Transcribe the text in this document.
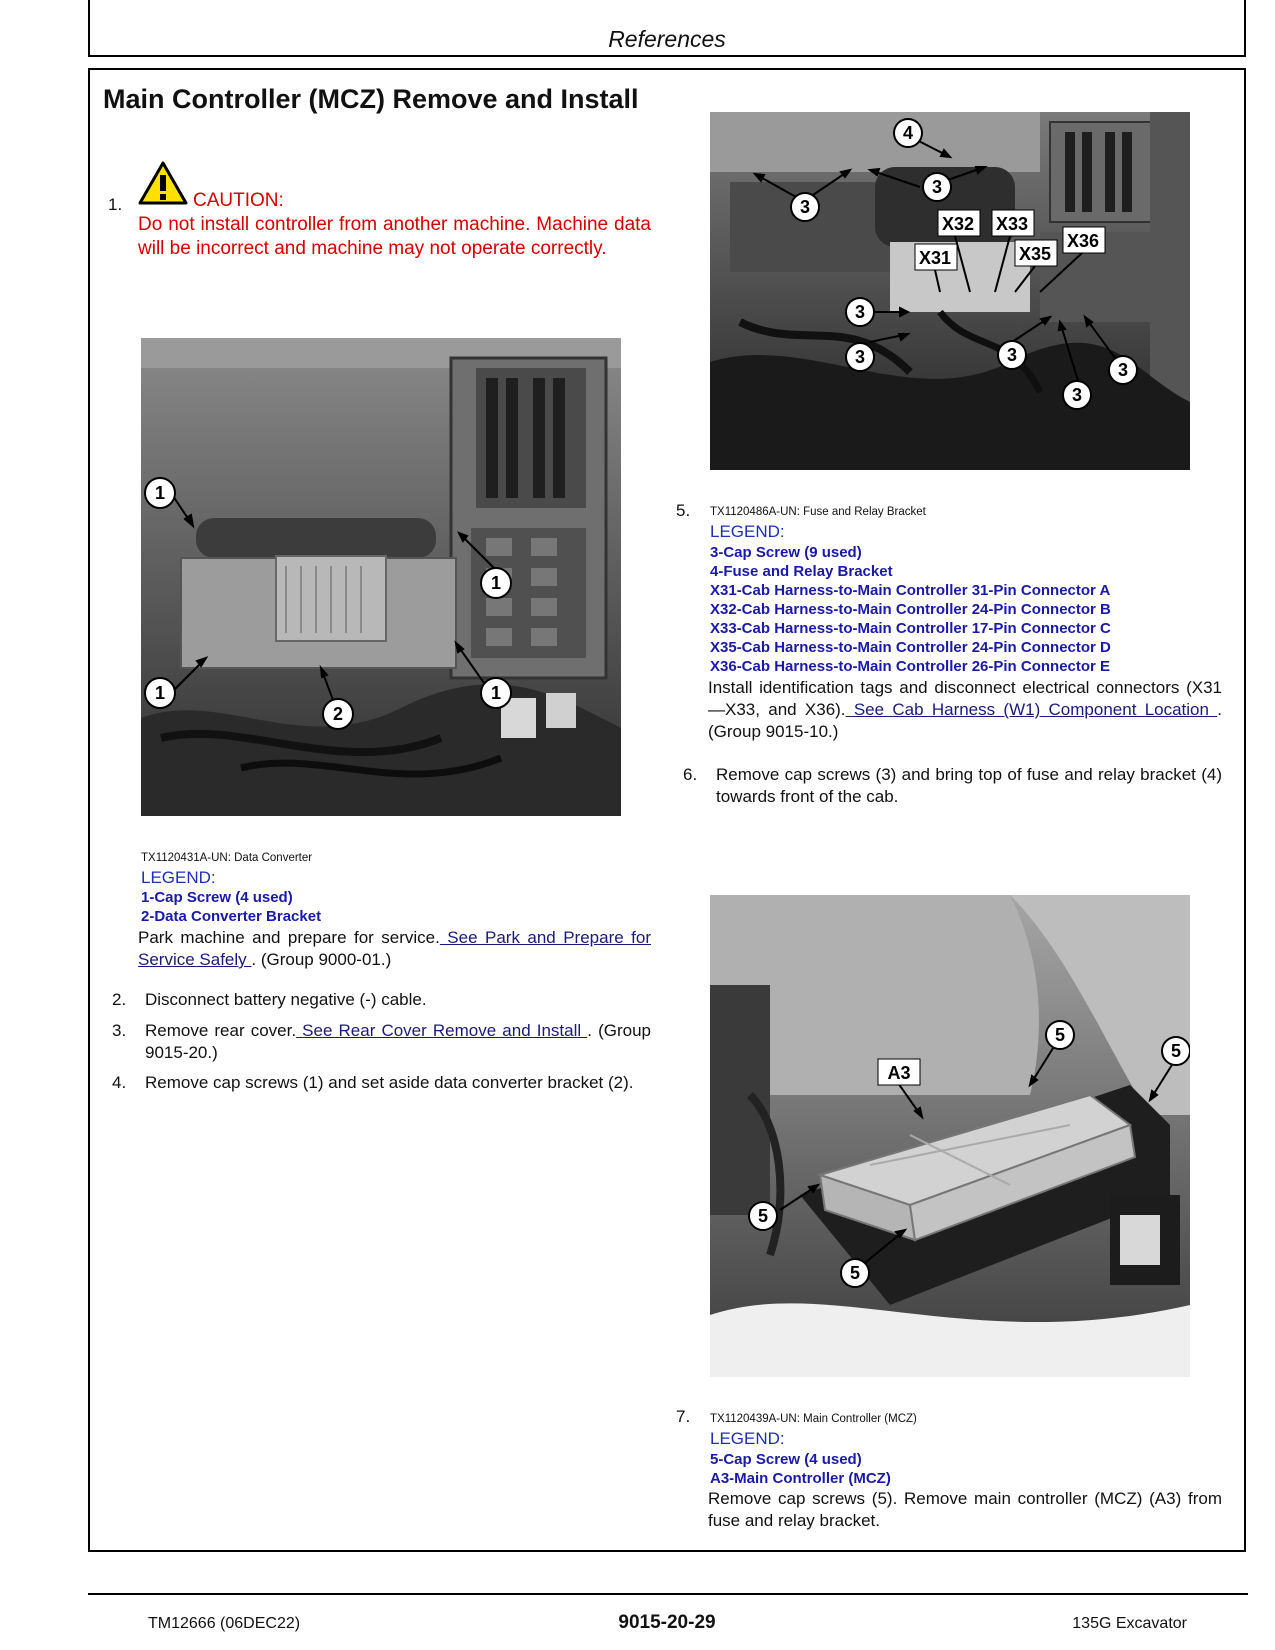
References
Main Controller (MCZ) Remove and Install
1.	CAUTION:
Do not install controller from another machine. Machine data will be incorrect and machine may not operate correctly.
1
1
1	1
2
TX1120431A-UN: Data Converter
LEGEND:
1-Cap Screw (4 used)
2-Data Converter Bracket
Park machine and prepare for service. See Park and Prepare for Service Safely . (Group 9000-01.)
2. Disconnect battery negative (-) cable.
3. Remove rear cover. See Rear Cover Remove and Install . (Group 9015-20.)
4. Remove cap screws (1) and set aside data converter bracket (2).
4
3
3
3
3	3
3
3
X32 X33
X31	X35
X36
5. TX1120486A-UN: Fuse and Relay Bracket
LEGEND:
3-Cap Screw (9 used)
4-Fuse and Relay Bracket
X31-Cab Harness-to-Main Controller 31-Pin Connector A
X32-Cab Harness-to-Main Controller 24-Pin Connector B
X33-Cab Harness-to-Main Controller 17-Pin Connector C
X35-Cab Harness-to-Main Controller 24-Pin Connector D
X36-Cab Harness-to-Main Controller 26-Pin Connector E
Install identification tags and disconnect electrical connectors (X31—X33, and X36). See Cab Harness (W1) Component Location . (Group 9015-10.)
6. Remove cap screws (3) and bring top of fuse and relay bracket (4) towards front of the cab.
5
5
5
5
A3
7. TX1120439A-UN: Main Controller (MCZ)
LEGEND:
5-Cap Screw (4 used)
A3-Main Controller (MCZ)
Remove cap screws (5). Remove main controller (MCZ) (A3) from fuse and relay bracket.
TM12666 (06DEC22)	9015-20-29	135G Excavator
